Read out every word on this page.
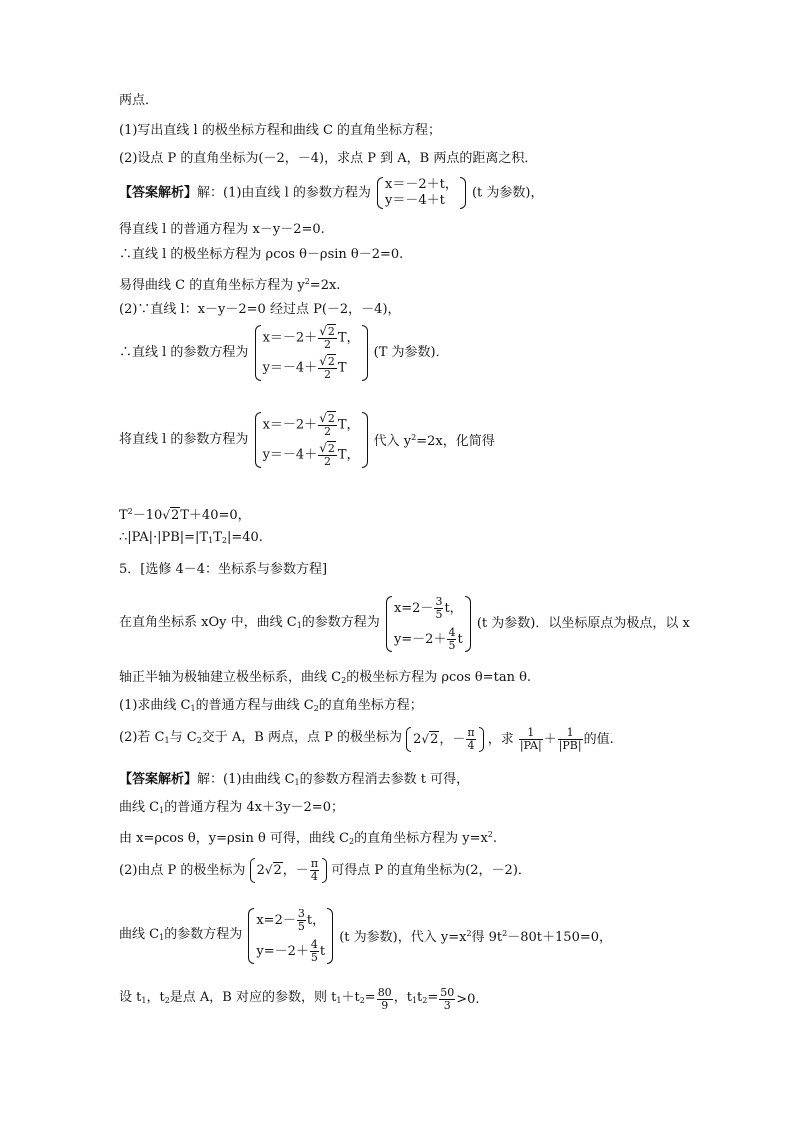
两点．
(1)写出直线 l 的极坐标方程和曲线 C 的直角坐标方程；
(2)设点 P 的直角坐标为(－2，－4)，求点 P 到 A，B 两点的距离之积．
【答案解析】解：(1)由直线 l 的参数方程为
x＝－2＋t，
y＝－4＋t	(t 为参数)，
得直线 l 的普通方程为 x－y－2=0.
∴直线 l 的极坐标方程为 ρcos θ－ρsin θ－2=0.
易得曲线 C 的直角坐标方程为 $y^2=2x$.
(2)∵直线 l：x－y－2=0 经过点 P(－2，－4)，
∴直线 l 的参数方程为
$x=-2+ \frac{√2}{2}$ T，
$y=-4+ \frac{√2}{2}$ T
(T 为参数)．
将直线 l 的参数方程为
$x=-2+ \frac{√2}{2}$ T，
$y=-4+ \frac{√2}{2}$ T，
代入 $y^2=2x$，化简得
$T^2-10√2T+40=0$，
$\therefore|PA|\cdot|PB|=|T_1T_2|=40$.
5．[选修 4－4：坐标系与参数方程]
在直角坐标系 xOy 中，曲线 $C_1$的参数方程为
$x=2- \frac{3}{5}$ t，
$y=-2+ \frac{4}{5}$ t
(t 为参数)．以坐标原点为极点，以 x
轴正半轴为极轴建立极坐标系，曲线 $C_2$的极坐标方程为 ρcos θ=tan θ.
(1)求曲线 $C_1$的普通方程与曲线 $C_2$的直角坐标方程；
(2)若 $C_1$与 $C_2$交于 A，B 两点，点 P 的极坐标为 2√2，－ $\frac{\pi}{4}$ ，求 $\frac{1}{|PA|} + \frac{1}{|PB|}$ 的值.
【答案解析】解：(1)由曲线 $C_1$的参数方程消去参数 t 可得，
曲线 $C_1$的普通方程为 4x＋3y－2=0；
由 x=ρcos θ，y=ρsin θ 可得，曲线 $C_2$的直角坐标方程为 $y=x^2$.
(2)由点 P 的极坐标为 2√2，－ $\frac{\pi}{4}$ 可得点 P 的直角坐标为(2，－2)．
曲线 $C_1$的参数方程为
$x=2- \frac{3}{5}$ t，
$y=-2+ \frac{4}{5}$ t
(t 为参数)，代入 $y=x^2$得 $9t^2-80t+150=0$，
设 $t_1$，$t_2$是点 A，B 对应的参数，则 $t_1+t_2= \frac{80}{9}$ ，$t_1t_2= \frac{50}{3} >0$.
